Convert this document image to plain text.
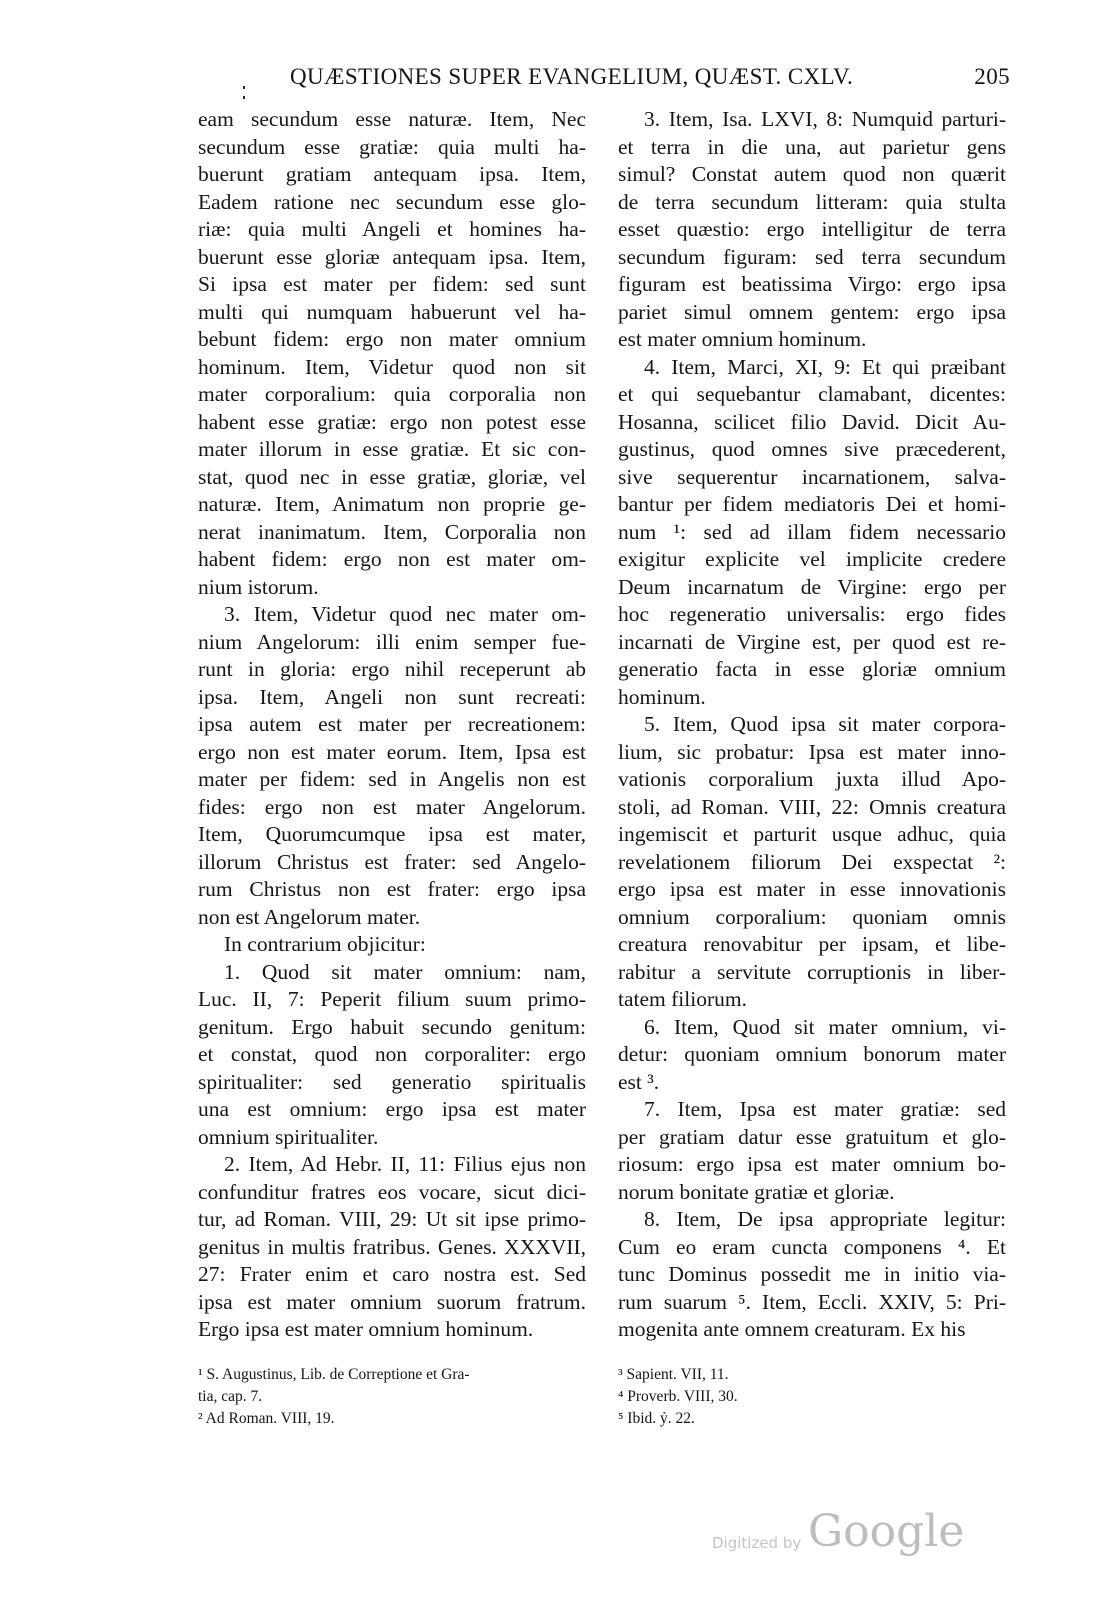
QUÆSTIONES SUPER EVANGELIUM, QUÆST. CXLV.	205
eam secundum esse naturæ. Item, Nec
secundum esse gratiæ: quia multi ha-
buerunt gratiam antequam ipsa. Item,
Eadem ratione nec secundum esse glo-
riæ: quia multi Angeli et homines ha-
buerunt esse gloriæ antequam ipsa. Item,
Si ipsa est mater per fidem: sed sunt
multi qui numquam habuerunt vel ha-
bebunt fidem: ergo non mater omnium
hominum. Item, Videtur quod non sit
mater corporalium: quia corporalia non
habent esse gratiæ: ergo non potest esse
mater illorum in esse gratiæ. Et sic con-
stat, quod nec in esse gratiæ, gloriæ, vel
naturæ. Item, Animatum non proprie ge-
nerat inanimatum. Item, Corporalia non
habent fidem: ergo non est mater om-
nium istorum.
3. Item, Videtur quod nec mater om-
nium Angelorum: illi enim semper fue-
runt in gloria: ergo nihil receperunt ab
ipsa. Item, Angeli non sunt recreati:
ipsa autem est mater per recreationem:
ergo non est mater eorum. Item, Ipsa est
mater per fidem: sed in Angelis non est
fides: ergo non est mater Angelorum.
Item, Quorumcumque ipsa est mater,
illorum Christus est frater: sed Angelo-
rum Christus non est frater: ergo ipsa
non est Angelorum mater.
In contrarium objicitur:
1. Quod sit mater omnium: nam,
Luc. II, 7: Peperit filium suum primo-
genitum. Ergo habuit secundo genitum:
et constat, quod non corporaliter: ergo
spiritualiter: sed generatio spiritualis
una est omnium: ergo ipsa est mater
omnium spiritualiter.
2. Item, Ad Hebr. II, 11: Filius ejus non
confunditur fratres eos vocare, sicut dici-
tur, ad Roman. VIII, 29: Ut sit ipse primo-
genitus in multis fratribus. Genes. XXXVII,
27: Frater enim et caro nostra est. Sed
ipsa est mater omnium suorum fratrum.
Ergo ipsa est mater omnium hominum.
3. Item, Isa. LXVI, 8: Numquid parturi-
et terra in die una, aut parietur gens
simul? Constat autem quod non quærit
de terra secundum litteram: quia stulta
esset quæstio: ergo intelligitur de terra
secundum figuram: sed terra secundum
figuram est beatissima Virgo: ergo ipsa
pariet simul omnem gentem: ergo ipsa
est mater omnium hominum.
4. Item, Marci, XI, 9: Et qui præibant
et qui sequebantur clamabant, dicentes:
Hosanna, scilicet filio David. Dicit Au-
gustinus, quod omnes sive præcederent,
sive sequerentur incarnationem, salva-
bantur per fidem mediatoris Dei et homi-
num ¹: sed ad illam fidem necessario
exigitur explicite vel implicite credere
Deum incarnatum de Virgine: ergo per
hoc regeneratio universalis: ergo fides
incarnati de Virgine est, per quod est re-
generatio facta in esse gloriæ omnium
hominum.
5. Item, Quod ipsa sit mater corpora-
lium, sic probatur: Ipsa est mater inno-
vationis corporalium juxta illud Apo-
stoli, ad Roman. VIII, 22: Omnis creatura
ingemiscit et parturit usque adhuc, quia
revelationem filiorum Dei exspectat ²:
ergo ipsa est mater in esse innovationis
omnium corporalium: quoniam omnis
creatura renovabitur per ipsam, et libe-
rabitur a servitute corruptionis in liber-
tatem filiorum.
6. Item, Quod sit mater omnium, vi-
detur: quoniam omnium bonorum mater
est ³.
7. Item, Ipsa est mater gratiæ: sed
per gratiam datur esse gratuitum et glo-
riosum: ergo ipsa est mater omnium bo-
norum bonitate gratiæ et gloriæ.
8. Item, De ipsa appropriate legitur:
Cum eo eram cuncta componens ⁴. Et
tunc Dominus possedit me in initio via-
rum suarum ⁵. Item, Eccli. XXIV, 5: Pri-
mogenita ante omnem creaturam. Ex his
¹ S. Augustinus, Lib. de Correptione et Gra-
tia, cap. 7.
² Ad Roman. VIII, 19.
³ Sapient. VII, 11.
⁴ Proverb. VIII, 30.
⁵ Ibid. ỷ. 22.
Digitized by Google
